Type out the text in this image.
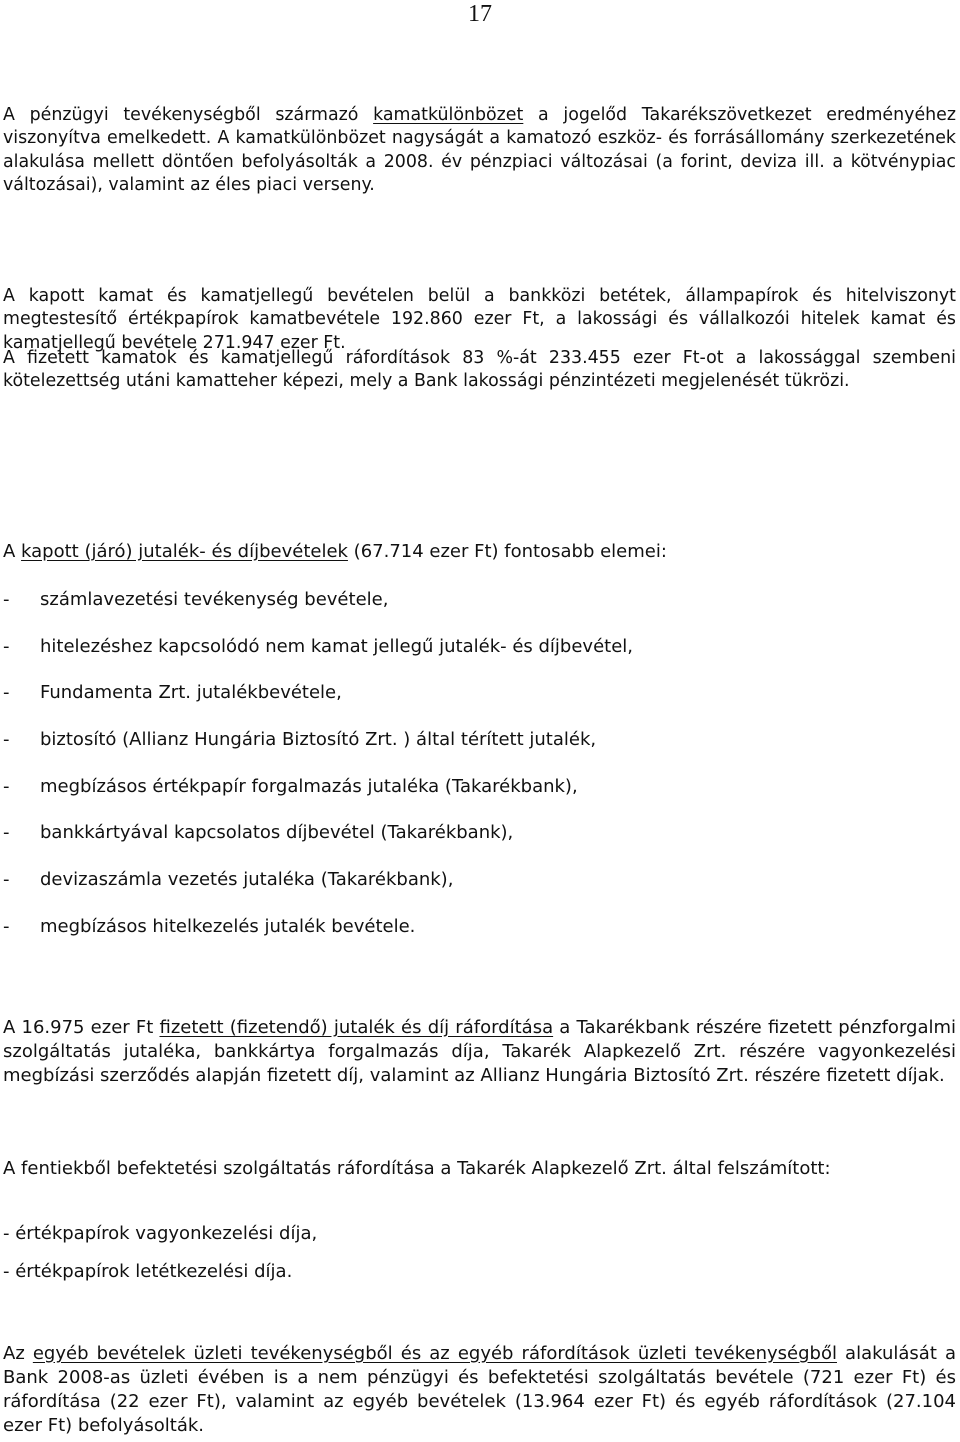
17
A pénzügyi tevékenységből származó kamatkülönbözet a jogelőd Takarékszövetkezet eredményéhez viszonyítva emelkedett. A kamatkülönbözet nagyságát a kamatozó eszköz- és forrásállomány szerkezetének alakulása mellett döntően befolyásolták a 2008. év pénzpiaci változásai (a forint, deviza ill. a kötvénypiac változásai), valamint az éles piaci verseny.
A kapott kamat és kamatjellegű bevételen belül a bankközi betétek, állampapírok és hitelviszonyt megtestesítő értékpapírok kamatbevétele 192.860 ezer Ft, a lakossági és vállalkozói hitelek kamat és kamatjellegű bevétele 271.947 ezer Ft.
A fizetett kamatok és kamatjellegű ráfordítások 83 %-át 233.455 ezer Ft-ot a lakossággal szembeni kötelezettség utáni kamatteher képezi, mely a Bank lakossági pénzintézeti megjelenését tükrözi.
A kapott (járó) jutalék- és díjbevételek (67.714 ezer Ft) fontosabb elemei:
- számlavezetési tevékenység bevétele,
- hitelezéshez kapcsolódó nem kamat jellegű jutalék- és díjbevétel,
- Fundamenta Zrt. jutalékbevétele,
- biztosító (Allianz Hungária Biztosító Zrt. ) által térített jutalék,
- megbízásos értékpapír forgalmazás jutaléka (Takarékbank),
- bankkártyával kapcsolatos díjbevétel (Takarékbank),
- devizaszámla vezetés jutaléka (Takarékbank),
- megbízásos hitelkezelés jutalék bevétele.
A 16.975 ezer Ft fizetett (fizetendő) jutalék és díj ráfordítása a Takarékbank részére fizetett pénzforgalmi szolgáltatás jutaléka, bankkártya forgalmazás díja, Takarék Alapkezelő Zrt. részére vagyonkezelési megbízási szerződés alapján fizetett díj, valamint az Allianz Hungária Biztosító Zrt. részére fizetett díjak.
A fentiekből befektetési szolgáltatás ráfordítása a Takarék Alapkezelő Zrt. által felszámított:
- értékpapírok vagyonkezelési díja,
- értékpapírok letétkezelési díja.
Az egyéb bevételek üzleti tevékenységből és az egyéb ráfordítások üzleti tevékenységből alakulását a Bank 2008-as üzleti évében is a nem pénzügyi és befektetési szolgáltatás bevétele (721 ezer Ft) és ráfordítása (22 ezer Ft), valamint az egyéb bevételek (13.964 ezer Ft) és egyéb ráfordítások (27.104 ezer Ft) befolyásolták.
